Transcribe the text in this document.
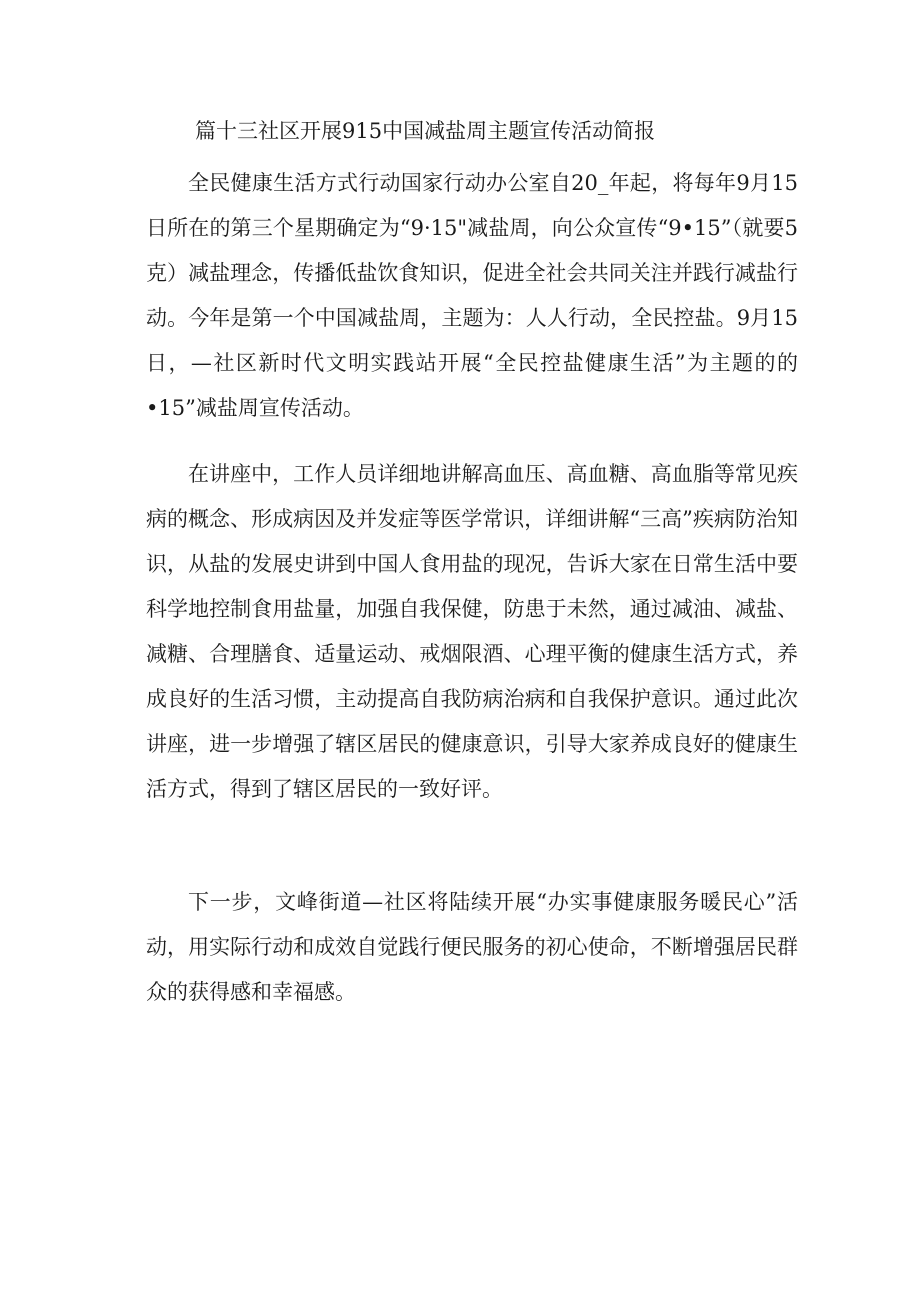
篇十三社区开展915中国减盐周主题宣传活动简报

全民健康生活方式行动国家行动办公室自20_年起，将每年9月15日所在的第三个星期确定为“9·15"减盐周，向公众宣传“9•15”（就要5克）减盐理念，传播低盐饮食知识，促进全社会共同关注并践行减盐行动。今年是第一个中国减盐周，主题为：人人行动，全民控盐。9月15日，—社区新时代文明实践站开展“全民控盐健康生活”为主题的的•15”减盐周宣传活动。

在讲座中，工作人员详细地讲解高血压、高血糖、高血脂等常见疾病的概念、形成病因及并发症等医学常识，详细讲解“三高”疾病防治知识，从盐的发展史讲到中国人食用盐的现况，告诉大家在日常生活中要科学地控制食用盐量，加强自我保健，防患于未然，通过减油、减盐、减糖、合理膳食、适量运动、戒烟限酒、心理平衡的健康生活方式，养成良好的生活习惯，主动提高自我防病治病和自我保护意识。通过此次讲座，进一步增强了辖区居民的健康意识，引导大家养成良好的健康生活方式，得到了辖区居民的一致好评。

下一步，文峰街道—社区将陆续开展“办实事健康服务暖民心”活动，用实际行动和成效自觉践行便民服务的初心使命，不断增强居民群众的获得感和幸福感。
